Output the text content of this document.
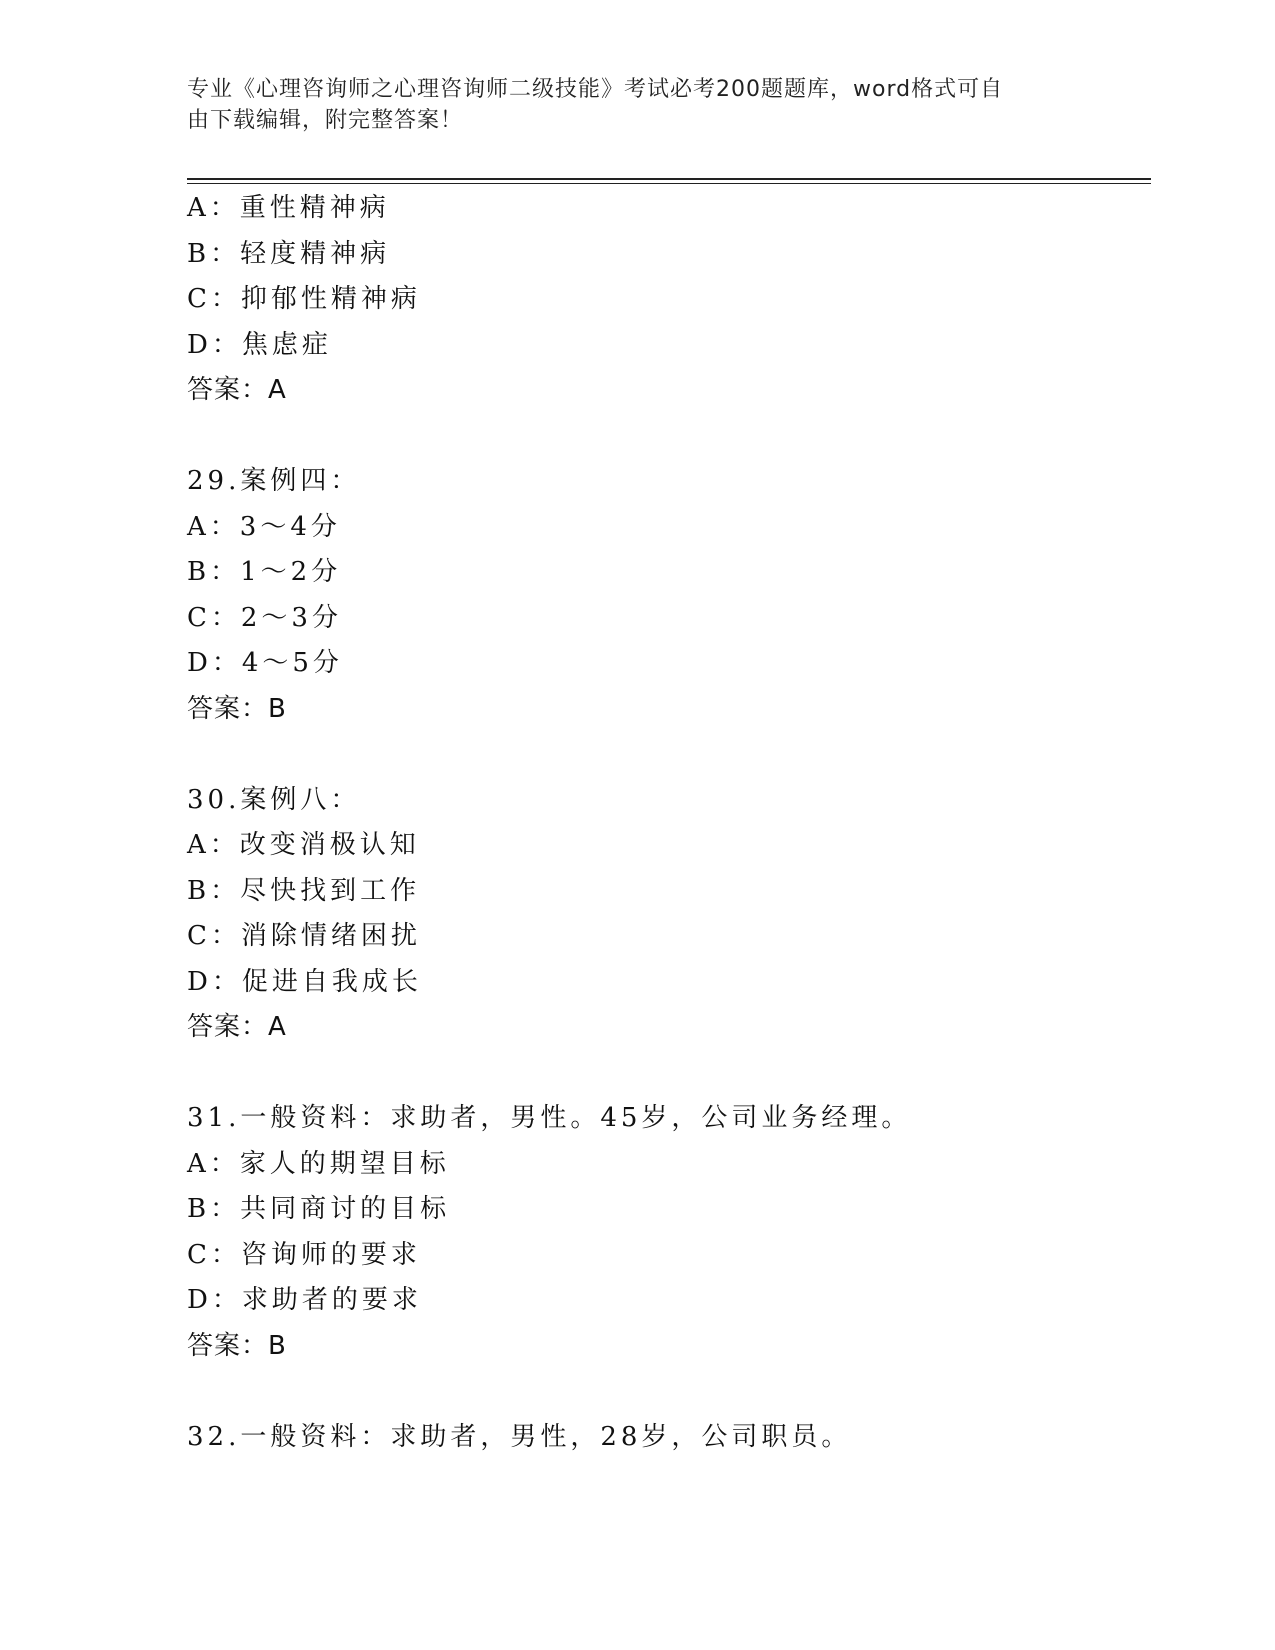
专业《心理咨询师之心理咨询师二级技能》考试必考200题题库，word格式可自
由下载编辑，附完整答案！
A：重性精神病
B：轻度精神病
C：抑郁性精神病
D：焦虑症
答案：A
29.案例四：
A：3～4分
B：1～2分
C：2～3分
D：4～5分
答案：B
30.案例八：
A：改变消极认知
B：尽快找到工作
C：消除情绪困扰
D：促进自我成长
答案：A
31.一般资料：求助者，男性。45岁，公司业务经理。
A：家人的期望目标
B：共同商讨的目标
C：咨询师的要求
D：求助者的要求
答案：B
32.一般资料：求助者，男性，28岁，公司职员。
